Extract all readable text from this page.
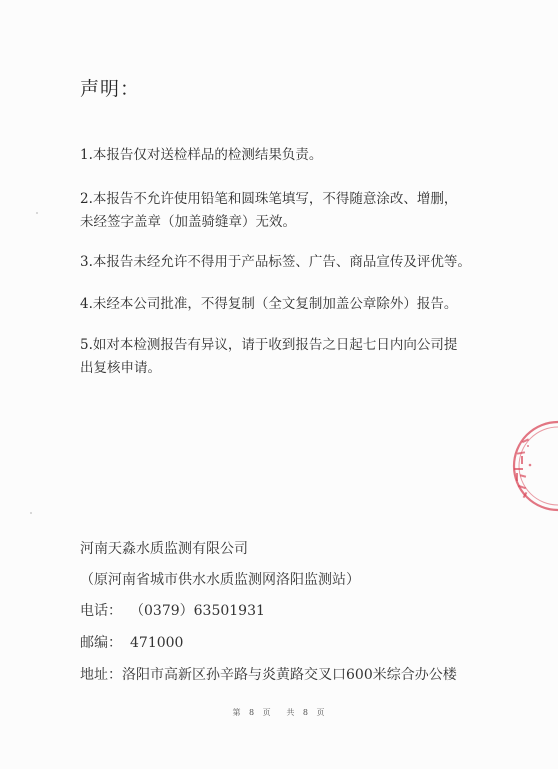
声明：
1.本报告仅对送检样品的检测结果负责。
2.本报告不允许使用铅笔和圆珠笔填写，不得随意涂改、增删，
未经签字盖章（加盖骑缝章）无效。
3.本报告未经允许不得用于产品标签、广告、商品宣传及评优等。
4.未经本公司批准，不得复制（全文复制加盖公章除外）报告。
5.如对本检测报告有异议，请于收到报告之日起七日内向公司提
出复核申请。
河南天淼水质监测有限公司
（原河南省城市供水水质监测网洛阳监测站）
电话： （0379）63501931
邮编： 471000
地址：洛阳市高新区孙辛路与炎黄路交叉口600米综合办公楼
第 8 页 共 8 页
